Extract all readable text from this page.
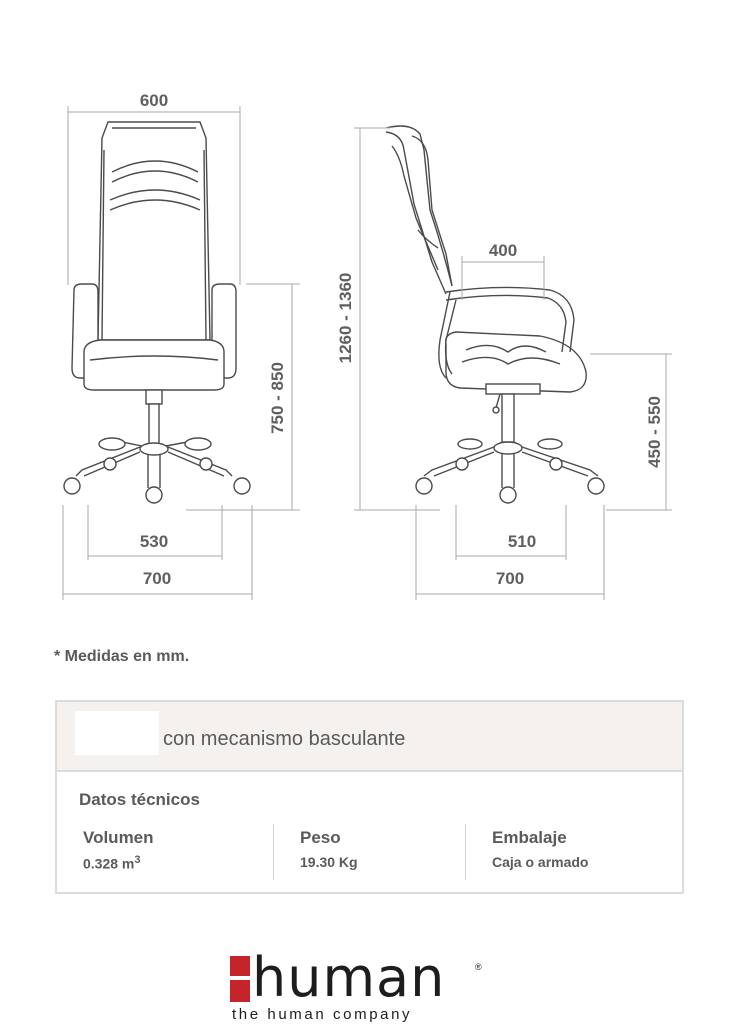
600
530
700
750 - 850
1260 - 1360
400
510
700
450 - 550
* Medidas en mm.
con mecanismo basculante
Datos técnicos
Volumen
0.328 $m^3$
Peso
19.30 Kg
Embalaje
Caja o armado
human	®
the human company
